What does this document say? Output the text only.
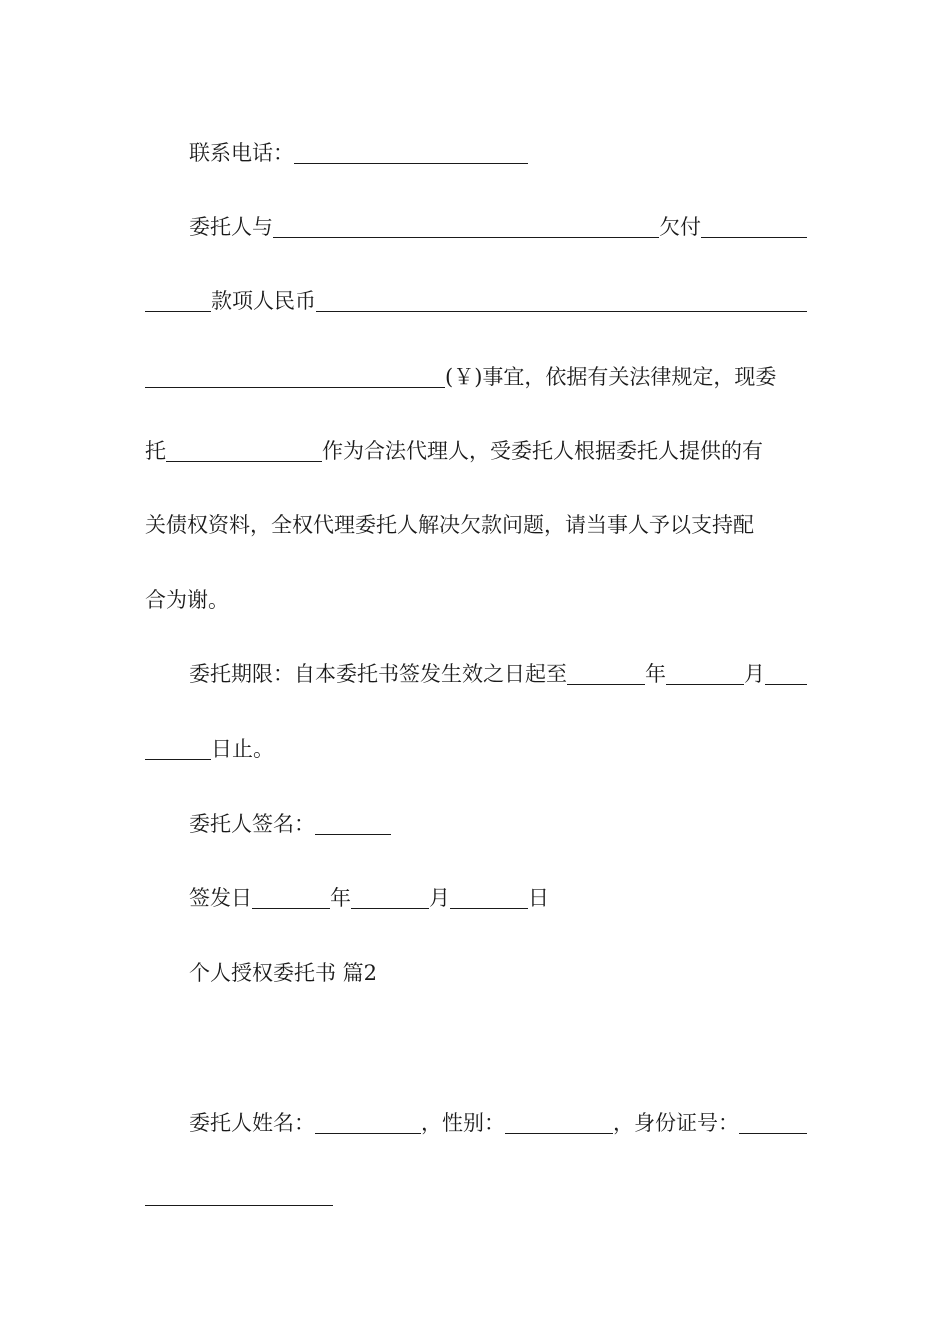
联系电话：
委托人与	欠付
款项人民币
(￥)事宜，依据有关法律规定，现委
托	作为合法代理人，受委托人根据委托人提供的有
关债权资料，全权代理委托人解决欠款问题，请当事人予以支持配
合为谢。
委托期限：自本委托书签发生效之日起至	年	月
日止。
委托人签名：
签发日	年	月	日
个人授权委托书 篇2
委托人姓名：	，性别：	，身份证号：
